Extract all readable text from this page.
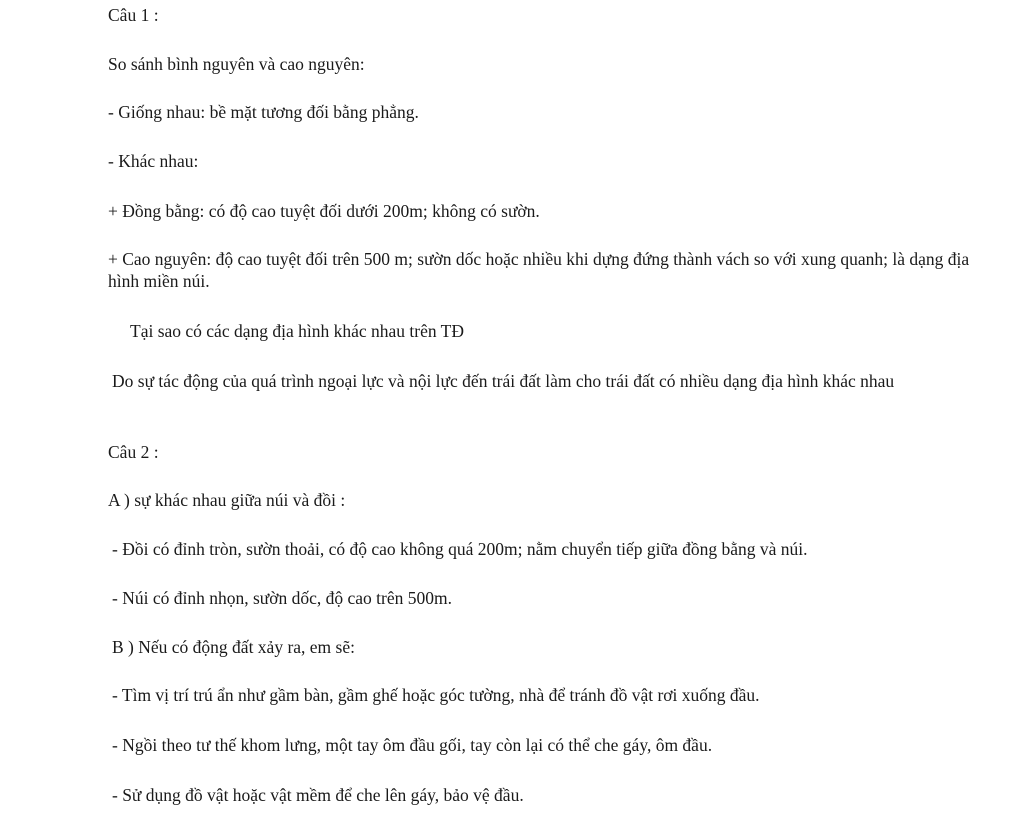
Câu 1 :

So sánh bình nguyên và cao nguyên:

- Giống nhau: bề mặt tương đối bằng phẳng.

- Khác nhau:

+ Đồng bằng: có độ cao tuyệt đối dưới 200m; không có sườn.

+ Cao nguyên: độ cao tuyệt đối trên 500 m; sườn dốc hoặc nhiều khi dựng đứng thành vách so với xung quanh; là dạng địa hình miền núi.

Tại sao có các dạng địa hình khác nhau trên TĐ

Do sự tác động của quá trình ngoại lực và nội lực đến trái đất làm cho trái đất có nhiều dạng địa hình khác nhau

Câu 2 :

A ) sự khác nhau giữa núi và đồi :

- Đồi có đỉnh tròn, sườn thoải, có độ cao không quá 200m; nằm chuyển tiếp giữa đồng bằng và núi.

- Núi có đỉnh nhọn, sườn dốc, độ cao trên 500m.

B ) Nếu có động đất xảy ra, em sẽ:

- Tìm vị trí trú ẩn như gầm bàn, gầm ghế hoặc góc tường, nhà để tránh đồ vật rơi xuống đầu.

- Ngồi theo tư thế khom lưng, một tay ôm đầu gối, tay còn lại có thể che gáy, ôm đầu.

- Sử dụng đồ vật hoặc vật mềm để che lên gáy, bảo vệ đầu.
